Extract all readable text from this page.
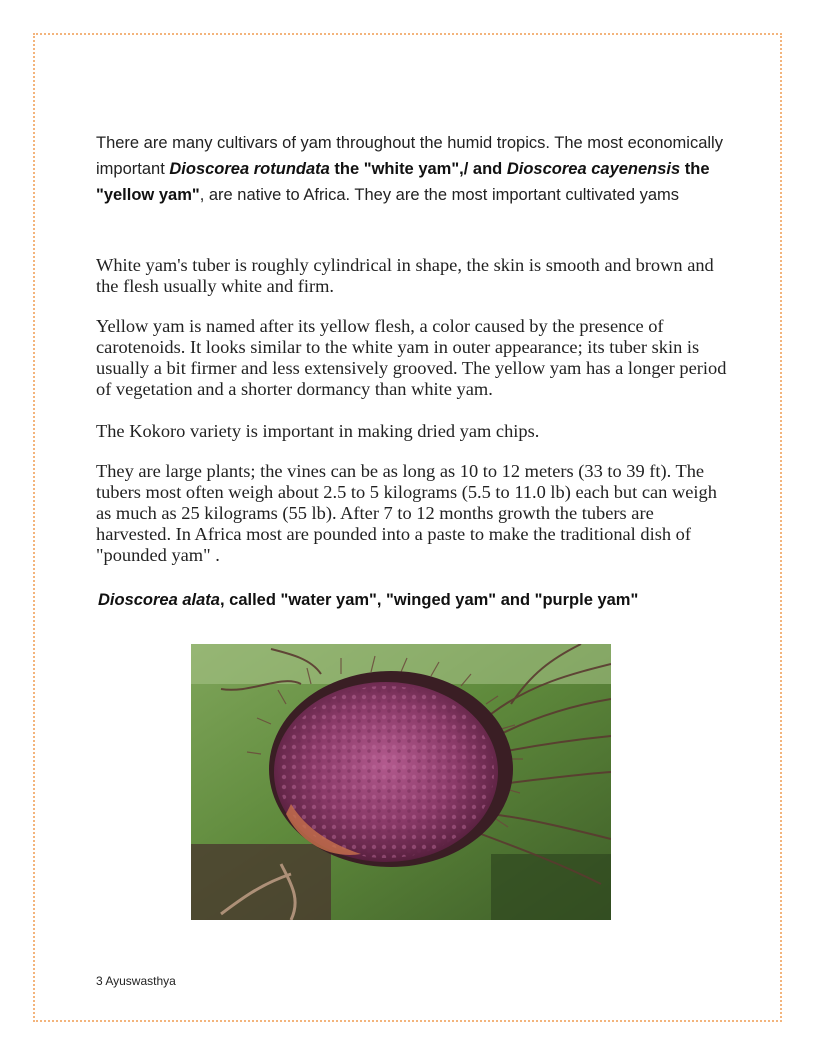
There are many cultivars of yam throughout the humid tropics. The most economically important Dioscorea rotundata the "white yam",/ and Dioscorea cayenensis the "yellow yam", are native to Africa. They are the most important cultivated yams
White yam's tuber is roughly cylindrical in shape, the skin is smooth and brown and the flesh usually white and firm.
Yellow yam is named after its yellow flesh, a color caused by the presence of carotenoids. It looks similar to the white yam in outer appearance; its tuber skin is usually a bit firmer and less extensively grooved. The yellow yam has a longer period of vegetation and a shorter dormancy than white yam.
The Kokoro variety is important in making dried yam chips.
They are large plants; the vines can be as long as 10 to 12 meters (33 to 39 ft). The tubers most often weigh about 2.5 to 5 kilograms (5.5 to 11.0 lb) each but can weigh as much as 25 kilograms (55 lb). After 7 to 12 months growth the tubers are harvested. In Africa most are pounded into a paste to make the traditional dish of "pounded yam" .
Dioscorea alata, called "water yam", "winged yam" and "purple yam"
3 Ayuswasthya
